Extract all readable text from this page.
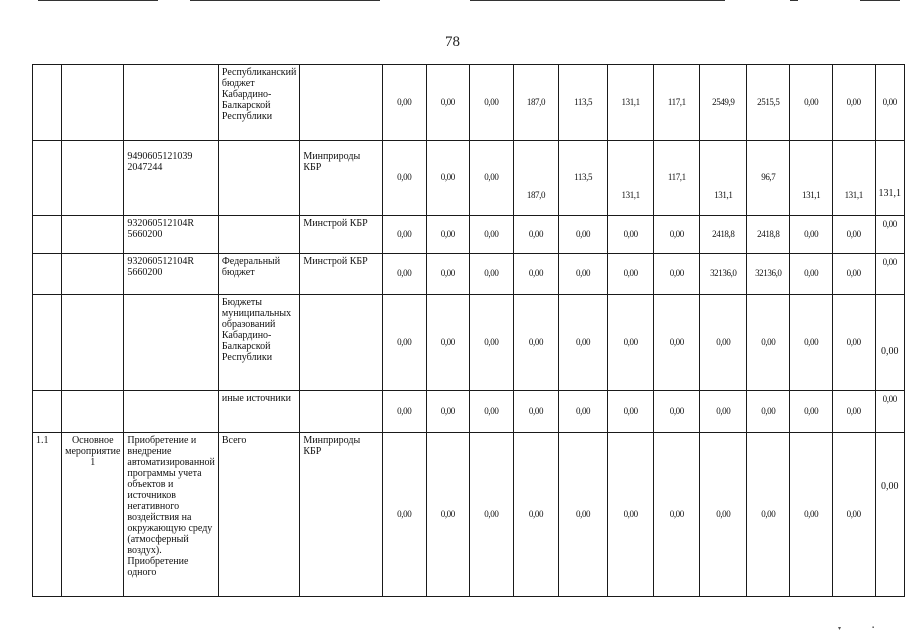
78
			Республиканский бюджет Кабардино-Балкарской Республики		0,00	0,00	0,00	187,0	113,5	131,1	117,1	2549,9	2515,5	0,00	0,00	0,00
		9490605121039 2047244		Минприроды КБР	0,00	0,00	0,00	187,0	113,5	131,1	117,1	131,1	96,7	131,1	131,1	131,1
		932060512104R 5660200		Минстрой КБР	0,00	0,00	0,00	0,00	0,00	0,00	0,00	2418,8	2418,8	0,00	0,00	0,00
		932060512104R 5660200	Федеральный бюджет	Минстрой КБР	0,00	0,00	0,00	0,00	0,00	0,00	0,00	32136,0	32136,0	0,00	0,00	0,00
			Бюджеты муниципальных образований Кабардино-Балкарской Республики		0,00	0,00	0,00	0,00	0,00	0,00	0,00	0,00	0,00	0,00	0,00	0,00
			иные источники		0,00	0,00	0,00	0,00	0,00	0,00	0,00	0,00	0,00	0,00	0,00	0,00
1.1	Основное мероприятие 1	Приобретение и внедрение автоматизированной программы учета объектов и источников негативного воздействия на окружающую среду (атмосферный воздух). Приобретение одного	Всего	Минприроды КБР	0,00	0,00	0,00	0,00	0,00	0,00	0,00	0,00	0,00	0,00	0,00	0,00
▾	▪
